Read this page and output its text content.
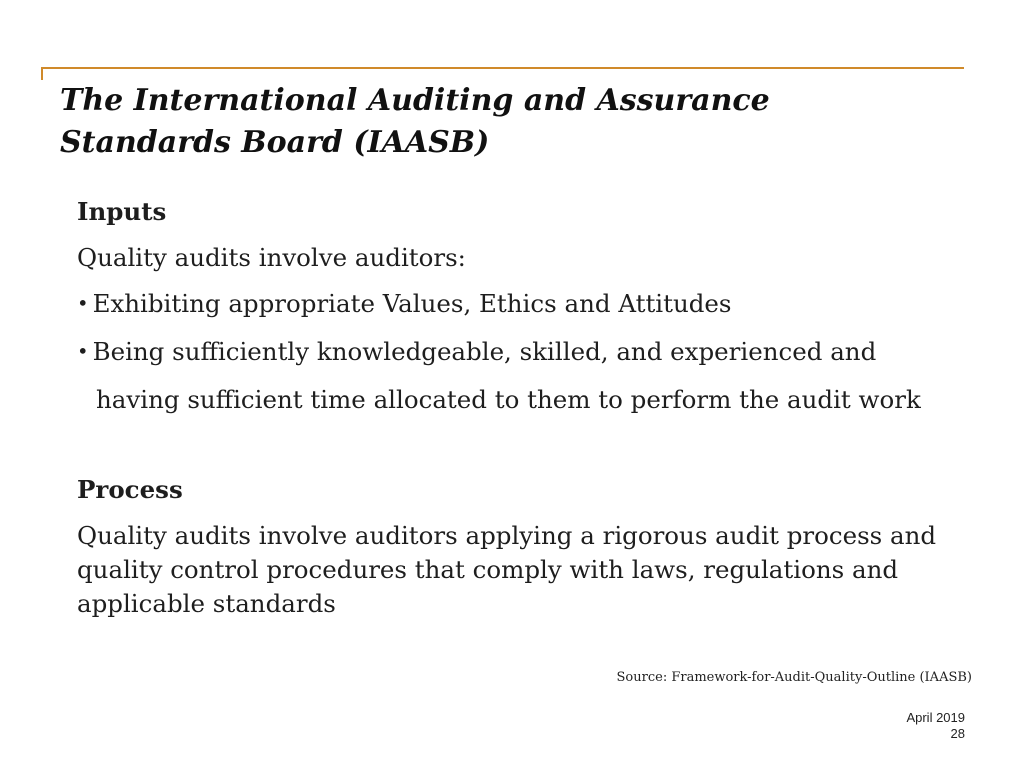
The International Auditing and Assurance
Standards Board (IAASB)

Inputs

Quality audits involve auditors:

• Exhibiting appropriate Values, Ethics and Attitudes

• Being sufficiently knowledgeable, skilled, and experienced and

having sufficient time allocated to them to perform the audit work

Process

Quality audits involve auditors applying a rigorous audit process and quality control procedures that comply with laws, regulations and applicable standards

Source: Framework-for-Audit-Quality-Outline (IAASB)
April 2019
28
